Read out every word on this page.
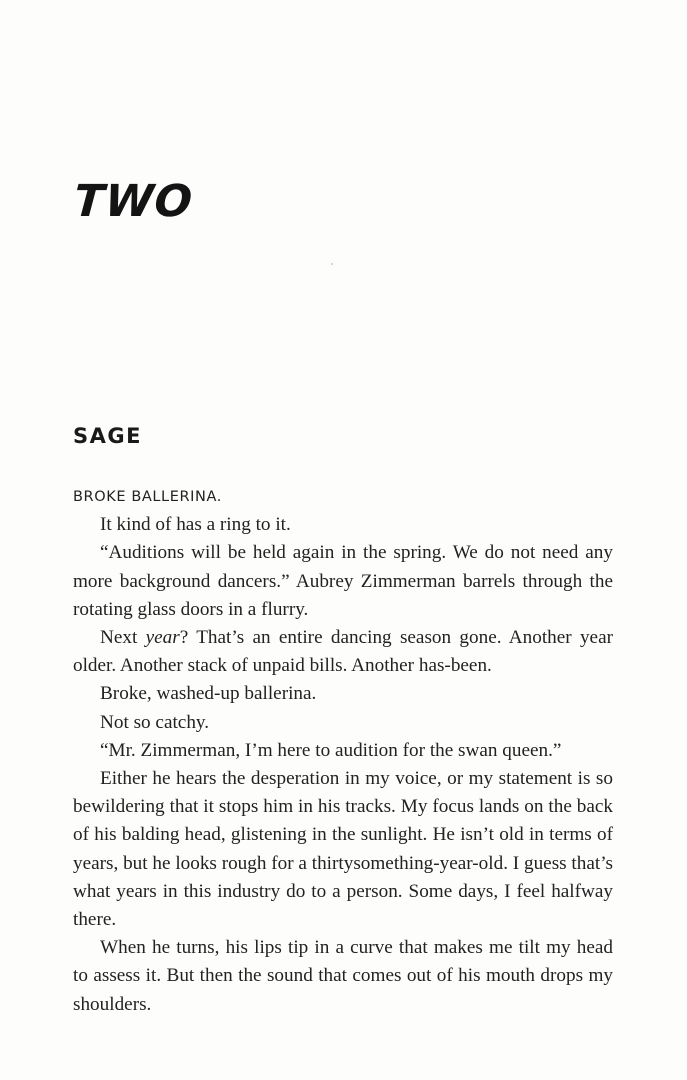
TWO
SAGE

BROKE BALLERINA.

It kind of has a ring to it.

“Auditions will be held again in the spring. We do not need any more background dancers.” Aubrey Zimmerman barrels through the rotating glass doors in a flurry.

Next year? That’s an entire dancing season gone. Another year older. Another stack of unpaid bills. Another has-been.

Broke, washed-up ballerina.

Not so catchy.

“Mr. Zimmerman, I’m here to audition for the swan queen.”

Either he hears the desperation in my voice, or my statement is so bewildering that it stops him in his tracks. My focus lands on the back of his balding head, glistening in the sunlight. He isn’t old in terms of years, but he looks rough for a thirtysomething-year-old. I guess that’s what years in this industry do to a person. Some days, I feel halfway there.

When he turns, his lips tip in a curve that makes me tilt my head to assess it. But then the sound that comes out of his mouth drops my shoulders.
